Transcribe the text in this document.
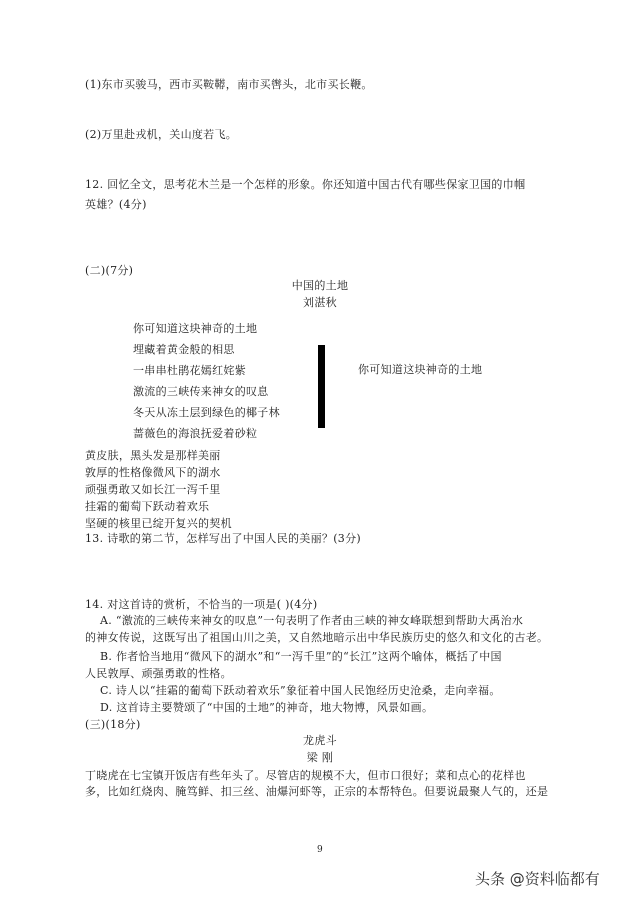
(1)东市买骏马，西市买鞍鞯，南市买辔头，北市买长鞭。
(2)万里赴戎机，关山度若飞。
12. 回忆全文，思考花木兰是一个怎样的形象。你还知道中国古代有哪些保家卫国的巾帼
英雄？(4分)
(二)(7分)
中国的土地
刘湛秋
你可知道这块神奇的土地
埋藏着黄金般的相思
一串串杜鹃花嫣红姹紫
激流的三峡传来神女的叹息
冬天从冻土层到绿色的椰子林
蔷薇色的海浪抚爱着砂粒
你可知道这块神奇的土地
黄皮肤，黑头发是那样美丽
敦厚的性格像微风下的湖水
顽强勇敢又如长江一泻千里
挂霜的葡萄下跃动着欢乐
坚硬的核里已绽开复兴的契机
13. 诗歌的第二节，怎样写出了中国人民的美丽？(3分)
14. 对这首诗的赏析，不恰当的一项是( )(4分)
A. “激流的三峡传来神女的叹息”一句表明了作者由三峡的神女峰联想到帮助大禹治水
的神女传说，这既写出了祖国山川之美，又自然地暗示出中华民族历史的悠久和文化的古老。
B. 作者恰当地用“微风下的湖水”和“一泻千里”的“长江”这两个喻体，概括了中国
人民敦厚、顽强勇敢的性格。
C. 诗人以“挂霜的葡萄下跃动着欢乐”象征着中国人民饱经历史沧桑，走向幸福。
D. 这首诗主要赞颂了“中国的土地”的神奇，地大物博，风景如画。
(三)(18分)
龙虎斗
梁 刚
丁晓虎在七宝镇开饭店有些年头了。尽管店的规模不大，但市口很好；菜和点心的花样也
多，比如红烧肉、腌笃鲜、扣三丝、油爆河虾等，正宗的本帮特色。但要说最聚人气的，还是
9
头条 @资料临都有
